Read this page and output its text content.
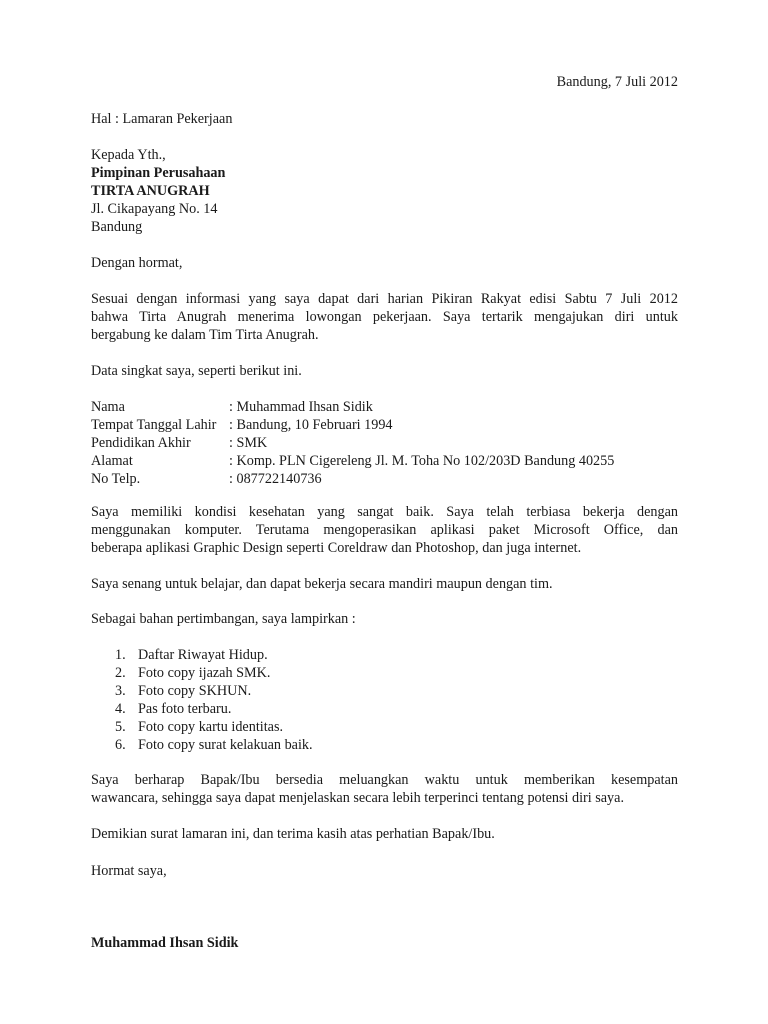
Bandung, 7 Juli 2012
Hal : Lamaran Pekerjaan
Kepada Yth.,
Pimpinan Perusahaan
TIRTA ANUGRAH
Jl. Cikapayang No. 14
Bandung
Dengan hormat,
Sesuai dengan informasi yang saya dapat dari harian Pikiran Rakyat edisi Sabtu 7 Juli 2012
bahwa Tirta Anugrah menerima lowongan pekerjaan. Saya tertarik mengajukan diri untuk
bergabung ke dalam Tim Tirta Anugrah.
Data singkat saya, seperti berikut ini.
Nama	: Muhammad Ihsan Sidik
Tempat Tanggal Lahir : Bandung, 10 Februari 1994
Pendidikan Akhir	: SMK
Alamat	: Komp. PLN Cigereleng Jl. M. Toha No 102/203D Bandung 40255
No Telp.	: 087722140736
Saya memiliki kondisi kesehatan yang sangat baik. Saya telah terbiasa bekerja dengan
menggunakan komputer. Terutama mengoperasikan aplikasi paket Microsoft Office, dan
beberapa aplikasi Graphic Design seperti Coreldraw dan Photoshop, dan juga internet.
Saya senang untuk belajar, dan dapat bekerja secara mandiri maupun dengan tim.
Sebagai bahan pertimbangan, saya lampirkan :
1. Daftar Riwayat Hidup.
2. Foto copy ijazah SMK.
3. Foto copy SKHUN.
4. Pas foto terbaru.
5. Foto copy kartu identitas.
6. Foto copy surat kelakuan baik.
Saya berharap Bapak/Ibu bersedia meluangkan waktu untuk memberikan kesempatan
wawancara, sehingga saya dapat menjelaskan secara lebih terperinci tentang potensi diri saya.
Demikian surat lamaran ini, dan terima kasih atas perhatian Bapak/Ibu.
Hormat saya,
Muhammad Ihsan Sidik
